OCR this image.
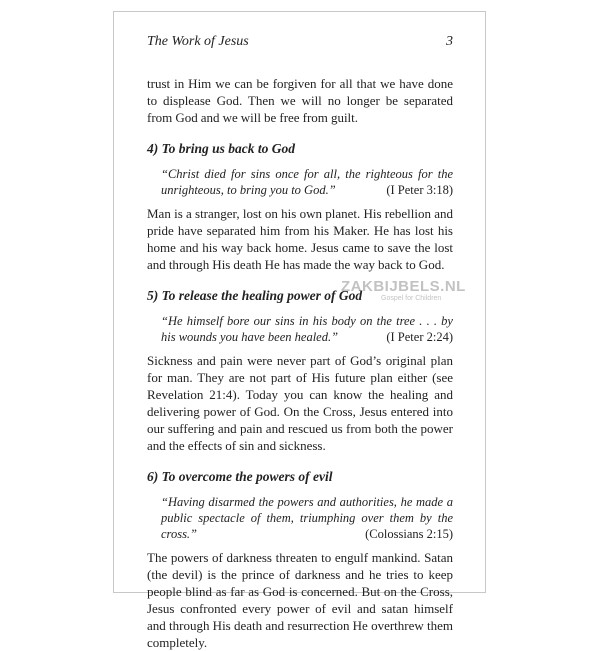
The Work of Jesus	3

trust in Him we can be forgiven for all that we have done to displease God. Then we will no longer be separated from God and we will be free from guilt.

4) To bring us back to God

“Christ died for sins once for all, the righteous for the unrighteous, to bring you to God.”	(I Peter 3:18)

Man is a stranger, lost on his own planet. His rebellion and pride have separated him from his Maker. He has lost his home and his way back home. Jesus came to save the lost and through His death He has made the way back to God.

5) To release the healing power of God

“He himself bore our sins in his body on the tree . . . by his wounds you have been healed.”	(I Peter 2:24)

Sickness and pain were never part of God’s original plan for man. They are not part of His future plan either (see Revelation 21:4). Today you can know the healing and delivering power of God. On the Cross, Jesus entered into our suffering and pain and rescued us from both the power and the effects of sin and sickness.

6) To overcome the powers of evil

“Having disarmed the powers and authorities, he made a public spectacle of them, triumphing over them by the cross.”	(Colossians 2:15)

The powers of darkness threaten to engulf mankind. Satan (the devil) is the prince of darkness and he tries to keep people blind as far as God is concerned. But on the Cross, Jesus confronted every power of evil and satan himself and through His death and resurrection He overthrew them completely.

ZAKBIJBELS.NL
Gospel for Children
